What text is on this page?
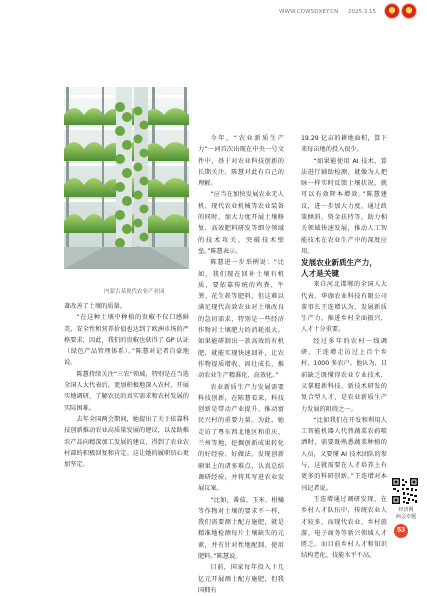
WWW.CDWSDXEY.CN 2025.3.15
内蒙古某现代农业产业园

著改善了土壤的质量。

“在这种土壤中种植的贵椒不仅口感鲜美，安全性和营养价值也达到了欧洲市场的严格要求，因此，我们的贵椒也获得了 GP 认证（绿色产品管理体系）。”陈慧对记者自豪地说。

陈慧持续关注“三农”领域，特别是在当选全国人大代表后，更加积极地深入农村，开展实地调研，了解农民的真实需求和农村发展的实际困难。

去年全国两会期间，她提出了关于依靠科技创新推动农业高质量发展的建议，以及助推农产品向精深加工发展的建议，得到了农业农村部的积极回复和肯定。这让她的履职信心更加坚定。

今年，“农业新质生产力”一词首次出现在中央一号文件中，基于对农业科技创新的长期关注，陈慧对此有自己的理解。

“应当在加快发展农业无人机、现代农业机械等农业装备的同时，加大力度开展土壤修复、高效肥料研发等细分领域的技术攻关，突破技术壁垒。”陈慧表示。

陈慧进一步举例说：“比如，我们现在回补土壤有机质，要依靠传统的鸡粪、牛粪、花生麸等肥料，但这难以满足现代高效农业对土壤改良的急切需求，特别是一些经济作物对土壤肥力的消耗很大。如果能研制出一款高效的有机肥，就能实现快速回补，让农作物提质增收、固壮成长，推动农业生产精准化、高效化。”

农业新质生产力发展需要科技创新，在陈慧看来，科技创新是带动产业提升、推动富民兴村的重要力量。为此，她走访了粤东西北地区和重庆、兰州等地，挖掘创新成果转化的好经验、好做法，发现创新硕果上的诸多难点，认真总结调研经验，并将其写进农业发展议案。

“比如，番茄、玉米、柑橘等作物对土壤的要求不一样，我们需要测土配方施肥，就是精准地检测每片土壤缺失的元素，并有针对性地配制、使用肥料。”陈慧说。

目前，国家每年投入十几亿元开展测土配方施肥，但我国拥有

19.29 亿亩的耕地面积，算下来每亩地的投入很少。

“如果能使用 AI 技术、算法进行辅助检测，就像为人把脉一样实时反馈土壤状况，就可以有效降本增效。”陈慧建议，进一步加大力度，通过政策倾斜、资金扶持等，助力相关领域快速发展，推动人工智能技术在农业生产中的深度应用。

发展农业新质生产力，
人才是关键

来自河北邯郸的全国人大代表、华珈农业科技有限公司董事长王连增认为，发展新质生产力，推进乡村全面振兴，人才十分重要。

经过多年的农村一线调研，王连增走访过上百个乡村、1000 多农户。他认为，目前缺乏既懂得农业专业技术，又掌握新科技、新技术研发的复合型人才，是农业新质生产力发展的阻碍之一。

“比如我们在开发和利用人工智能机器人代替蔬菜农药喷洒时，需要既熟悉蔬菜种植的人员，又要懂 AI 技术团队的参与，这就需要在人才培养上有更多的科研创新。”王连增对本刊记者说。

王连增通过调研发现，在乡村人才队伍中，传统农业人才较多，而现代农业、乡村旅游、电子商务等新兴领域人才匮乏。而目前乡村人才和知识结构老化、技能水平不高，

经济网
两会专题
53
